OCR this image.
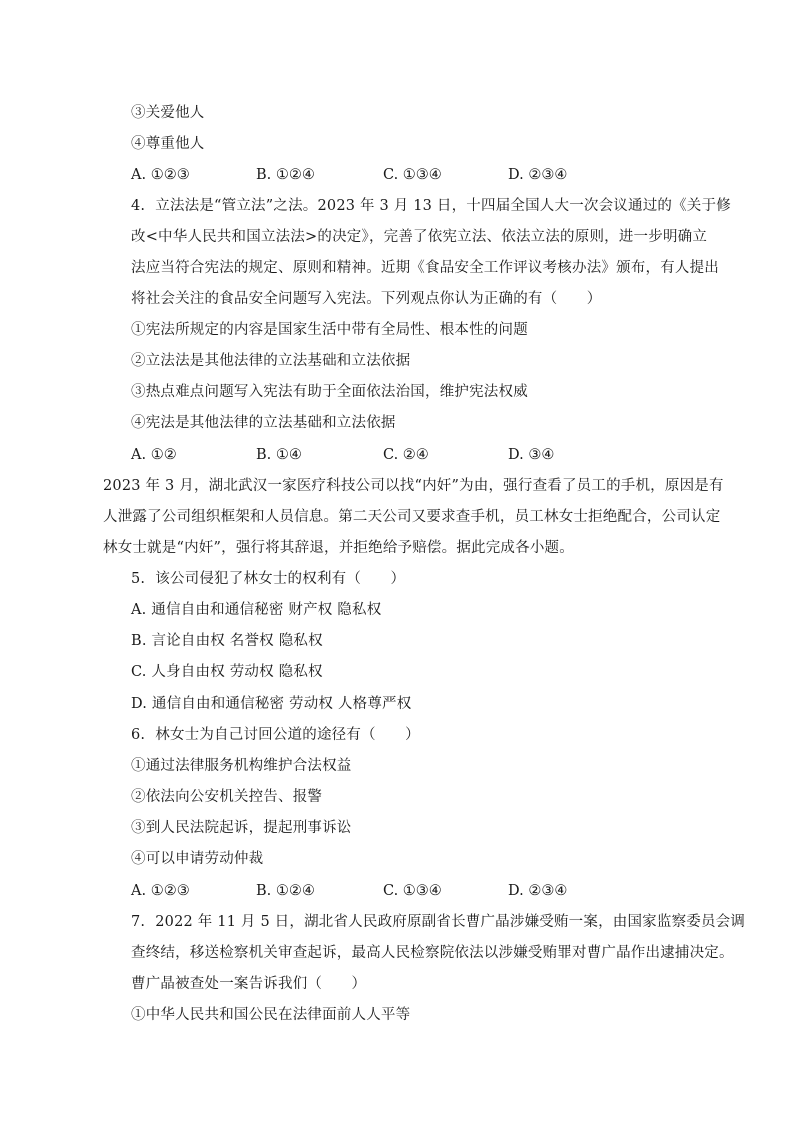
③关爱他人
④尊重他人
A. ①②③	B. ①②④	C. ①③④	D. ②③④
4. 立法法是“管立法”之法。2023 年 3 月 13 日，十四届全国人大一次会议通过的《关于修
改<中华人民共和国立法法>的决定》，完善了依宪立法、依法立法的原则，进一步明确立
法应当符合宪法的规定、原则和精神。近期《食品安全工作评议考核办法》颁布，有人提出
将社会关注的食品安全问题写入宪法。下列观点你认为正确的有（　　）
①宪法所规定的内容是国家生活中带有全局性、根本性的问题
②立法法是其他法律的立法基础和立法依据
③热点难点问题写入宪法有助于全面依法治国，维护宪法权威
④宪法是其他法律的立法基础和立法依据
A. ①②	B. ①④	C. ②④	D. ③④
2023 年 3 月，湖北武汉一家医疗科技公司以找“内奸”为由，强行查看了员工的手机，原因是有
人泄露了公司组织框架和人员信息。第二天公司又要求查手机，员工林女士拒绝配合，公司认定
林女士就是“内奸”，强行将其辞退，并拒绝给予赔偿。据此完成各小题。
5. 该公司侵犯了林女士的权利有（　　）
A. 通信自由和通信秘密 财产权 隐私权
B. 言论自由权 名誉权 隐私权
C. 人身自由权 劳动权 隐私权
D. 通信自由和通信秘密 劳动权 人格尊严权
6. 林女士为自己讨回公道的途径有（　　）
①通过法律服务机构维护合法权益
②依法向公安机关控告、报警
③到人民法院起诉，提起刑事诉讼
④可以申请劳动仲裁
A. ①②③	B. ①②④	C. ①③④	D. ②③④
7. 2022 年 11 月 5 日，湖北省人民政府原副省长曹广晶涉嫌受贿一案，由国家监察委员会调
查终结，移送检察机关审查起诉，最高人民检察院依法以涉嫌受贿罪对曹广晶作出逮捕决定。
曹广晶被查处一案告诉我们（　　）
①中华人民共和国公民在法律面前人人平等
